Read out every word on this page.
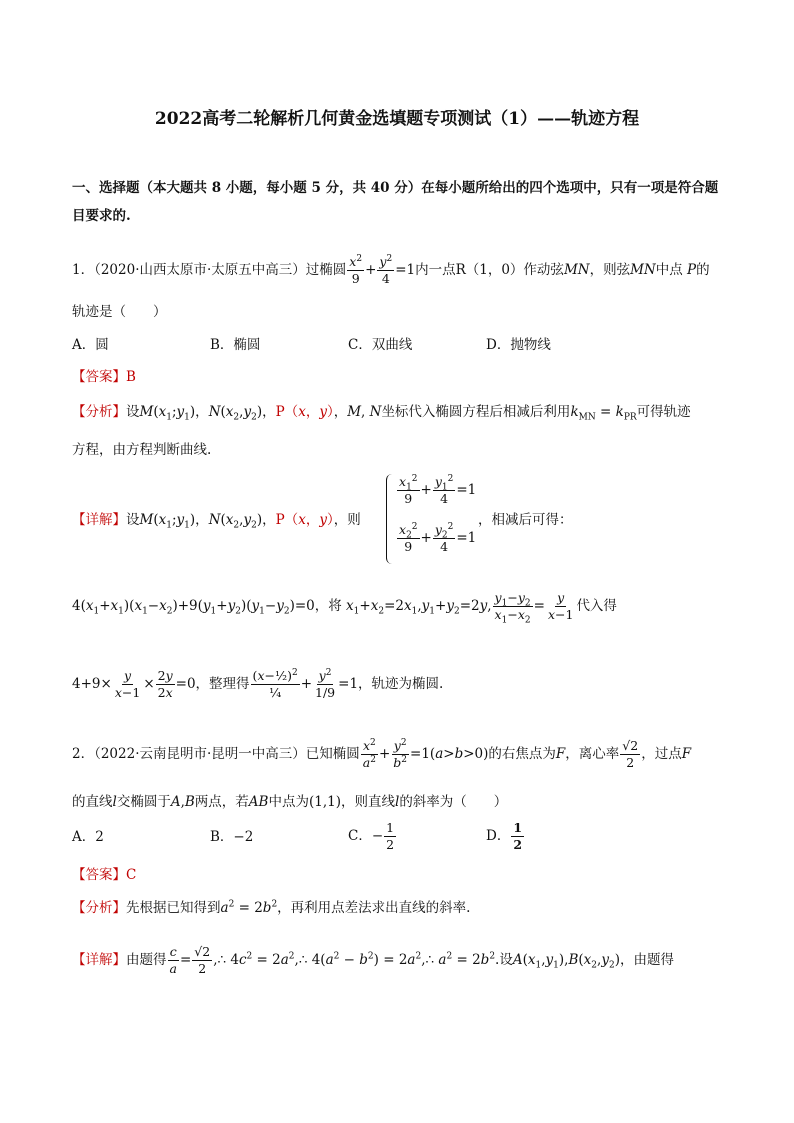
2022高考二轮解析几何黄金选填题专项测试（1）——轨迹方程
一、选择题（本大题共 8 小题，每小题 5 分，共 40 分）在每小题所给出的四个选项中，只有一项是符合题
目要求的.
1．（2020·山西太原市·太原五中高三）过椭圆 $\frac{x^2}{9} + \frac{y^2}{4} =1$内一点R（1，0）作动弦MN，则弦MN中点 P的
轨迹是（　　）
A．圆	B．椭圆	C．双曲线	D．抛物线
【答案】B
【分析】设$M(x_1;y_1)$，$N(x_2,y_2)$，P（x，y），M, N坐标代入椭圆方程后相减后利用$k_{MN} = k_{PR}$可得轨迹
方程，由方程判断曲线.
【详解】设$M(x_1;y_1)$，$N(x_2,y_2)$，P（x，y），则
$\frac{x_1^2}{9} + \frac{y_1^2}{4} =1$
$\frac{x_2^2}{9} + \frac{y_2^2}{4} =1$
，相减后可得：
$4(x_1+x_1)(x_1-x_2)+9(y_1+y_2)(y_1-y_2)=0$，将 $x_1+x_2=2x_1,y_1+y_2=2y$, $\frac{y_1-y_2}{x_1-x_2} = \frac{y}{x-1}$ 代入得
$4+9\times \frac{y}{x-1} \times \frac{2y}{2x} =0$，整理得 $\frac{(x-\frac{1}{2})^2}{\text{¼}} + \frac{y^2}{1/9} =1$，轨迹为椭圆.
2．（2022·云南昆明市·昆明一中高三）已知椭圆 $\frac{x^2}{a^2} + \frac{y^2}{b^2} =1(a>b>0)$的右焦点为F，离心率 $\frac{√2}{2}$ ，过点F
的直线l交椭圆于A,B两点，若AB中点为(1,1)，则直线l的斜率为（　　）
A．2	B．−2	C．− $\frac{1}{2}$	D． $\frac{1}{2}$
【答案】C
【分析】先根据已知得到$a^2 = 2b^2$，再利用点差法求出直线的斜率.
【详解】由题得 $\frac{c}{a} = \frac{√2}{2}$ ,∴ $4c^2$ = $2a^2,\therefore$ $4(a^2 - b^2)$ = $2a^2,\therefore$ $a^2 = 2b^2$.设$A(x_1,y_1),B(x_2,y_2)$，由题得
